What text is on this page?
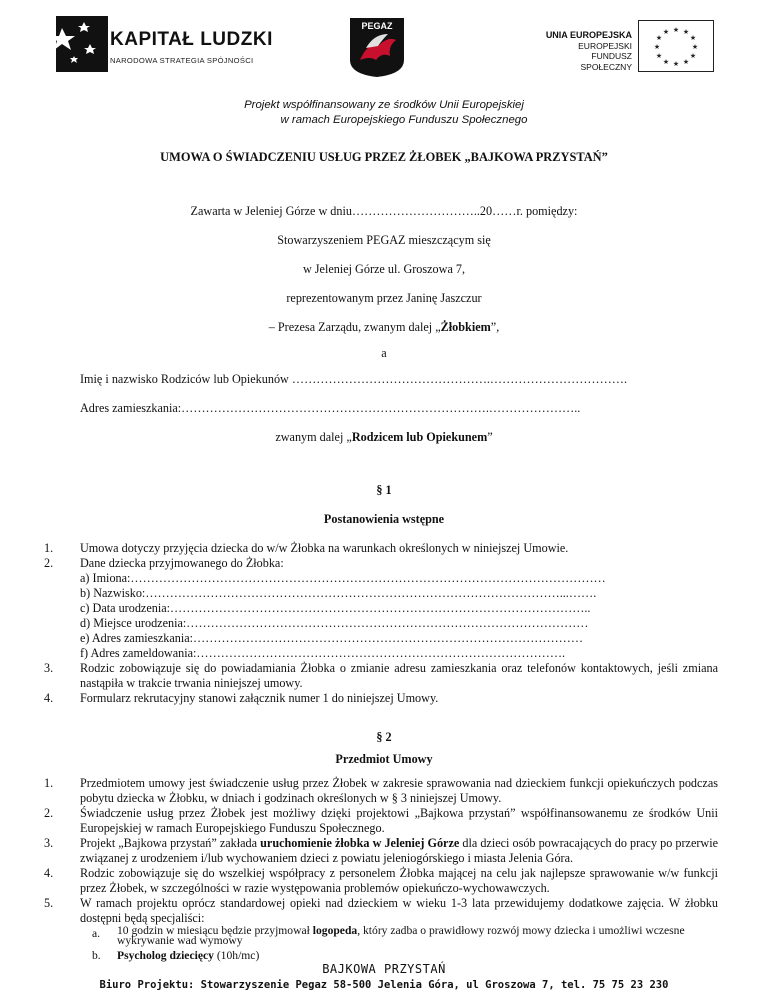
KAPITAŁ LUDZKI
NARODOWA STRATEGIA SPÓJNOŚCI
PEGAZ
UNIA EUROPEJSKA
EUROPEJSKI
FUNDUSZ SPOŁECZNY
★ ★
★
★
★
★
★
★
★
★
★
★
Projekt współfinansowany ze środków Unii Europejskiej
w ramach Europejskiego Funduszu Społecznego
UMOWA O ŚWIADCZENIU USŁUG PRZEZ ŻŁOBEK „BAJKOWA PRZYSTAŃ”
Zawarta w Jeleniej Górze w dniu…………………………..20……r. pomiędzy:
Stowarzyszeniem PEGAZ mieszczącym się
w Jeleniej Górze ul. Groszowa 7,
reprezentowanym przez Janinę Jaszczur
– Prezesa Zarządu, zwanym dalej „Żłobkiem”,
a
Imię i nazwisko Rodziców lub Opiekunów ………………………………………….…………………………….
Adres zamieszkania:………………………………………………………………….…………………..
zwanym dalej „Rodzicem lub Opiekunem”
§ 1
Postanowienia wstępne
1.	Umowa dotyczy przyjęcia dziecka do w/w Żłobka na warunkach określonych w niniejszej Umowie.
2.	Dane dziecka przyjmowanego do Żłobka:
a) Imiona:………………………………………………………………………………………………………
b) Nazwisko:…………………………………………………………………………………………...…….
c) Data urodzenia:…………………………………………………………………………………………..
d) Miejsce urodzenia:………………………………………………………………………………………
e) Adres zamieszkania:……………………………………………………………………………………
f) Adres zameldowania:……………………………………………………………………………….
3.	Rodzic zobowiązuje się do powiadamiania Żłobka o zmianie adresu zamieszkania oraz telefonów kontaktowych, jeśli zmiana nastąpiła w trakcie trwania niniejszej umowy.
4.	Formularz rekrutacyjny stanowi załącznik numer 1 do niniejszej Umowy.
§ 2
Przedmiot Umowy
1.	Przedmiotem umowy jest świadczenie usług przez Żłobek w zakresie sprawowania nad dzieckiem funkcji opiekuńczych podczas pobytu dziecka w Żłobku, w dniach i godzinach określonych w § 3 niniejszej Umowy.
2.	Świadczenie usług przez Żłobek jest możliwy dzięki projektowi „Bajkowa przystań” współfinansowanemu ze środków Unii Europejskiej w ramach Europejskiego Funduszu Społecznego.
3.	Projekt „Bajkowa przystań” zakłada uruchomienie żłobka w Jeleniej Górze dla dzieci osób powracających do pracy po przerwie związanej z urodzeniem i/lub wychowaniem dzieci z powiatu jeleniogórskiego i miasta Jelenia Góra.
4.	Rodzic zobowiązuje się do wszelkiej współpracy z personelem Żłobka mającej na celu jak najlepsze sprawowanie w/w funkcji przez Żłobek, w szczególności w razie występowania problemów opiekuńczo-wychowawczych.
5.	W ramach projektu oprócz standardowej opieki nad dzieckiem w wieku 1-3 lata przewidujemy dodatkowe zajęcia. W żłobku dostępni będą specjaliści:
BAJKOWA PRZYSTAŃ
Biuro Projektu: Stowarzyszenie Pegaz 58-500 Jelenia Góra, ul Groszowa 7, tel. 75 75 23 230
a.	10 godzin w miesiącu będzie przyjmował logopeda, który zadba o prawidłowy rozwój mowy dziecka i umożliwi wczesne wykrywanie wad wymowy
b.	Psycholog dziecięcy (10h/mc)
